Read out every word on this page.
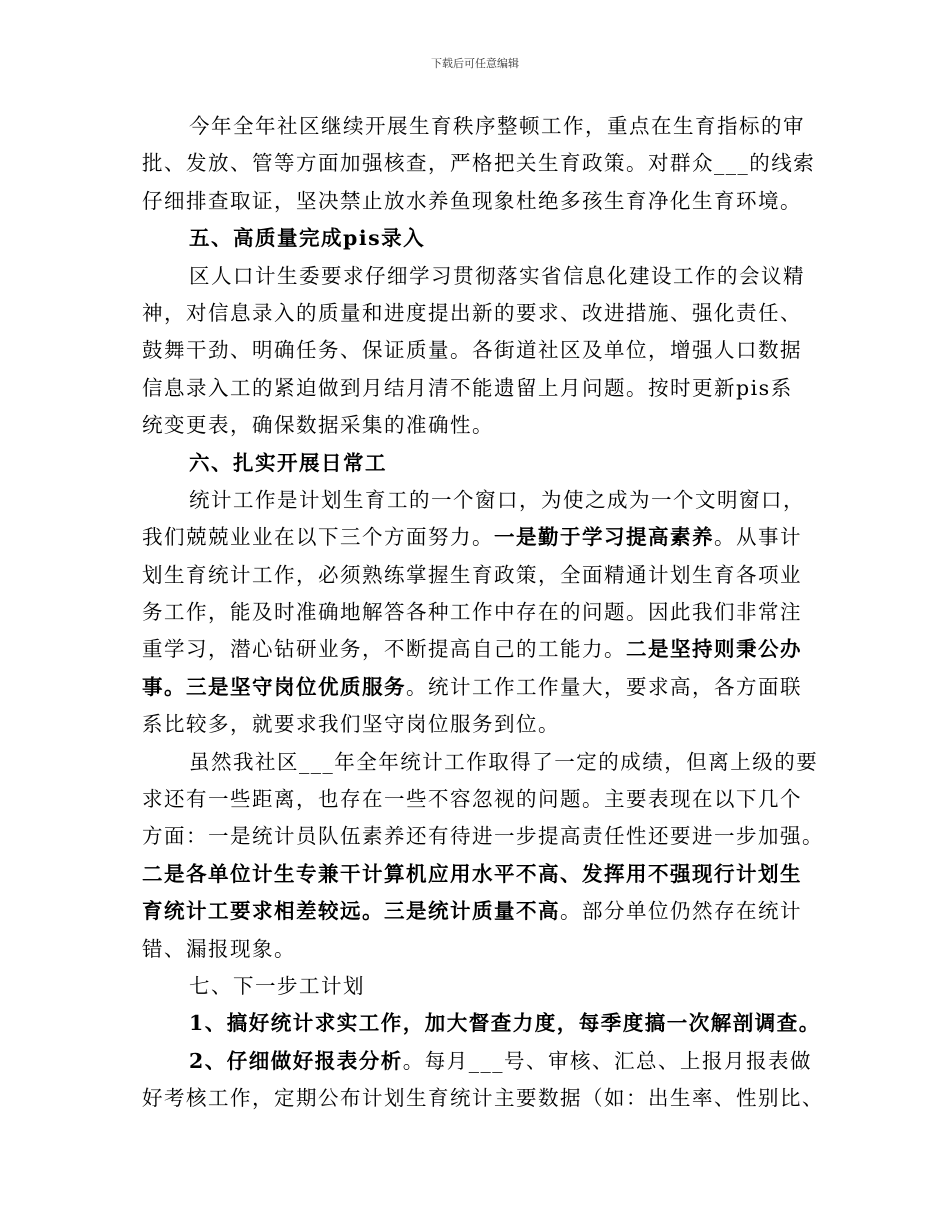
下载后可任意编辑
今年全年社区继续开展生育秩序整顿工作，重点在生育指标的审
批、发放、管等方面加强核查，严格把关生育政策。对群众___的线索
仔细排查取证，坚决禁止放水养鱼现象杜绝多孩生育净化生育环境。
五、高质量完成pis录入
区人口计生委要求仔细学习贯彻落实省信息化建设工作的会议精
神，对信息录入的质量和进度提出新的要求、改进措施、强化责任、
鼓舞干劲、明确任务、保证质量。各街道社区及单位，增强人口数据
信息录入工的紧迫做到月结月清不能遗留上月问题。按时更新pis系
统变更表，确保数据采集的准确性。
六、扎实开展日常工
统计工作是计划生育工的一个窗口，为使之成为一个文明窗口，
我们兢兢业业在以下三个方面努力。一是勤于学习提高素养。从事计
划生育统计工作，必须熟练掌握生育政策，全面精通计划生育各项业
务工作，能及时准确地解答各种工作中存在的问题。因此我们非常注
重学习，潜心钻研业务，不断提高自己的工能力。二是坚持则秉公办
事。三是坚守岗位优质服务。统计工作工作量大，要求高，各方面联
系比较多，就要求我们坚守岗位服务到位。
虽然我社区___年全年统计工作取得了一定的成绩，但离上级的要
求还有一些距离，也存在一些不容忽视的问题。主要表现在以下几个
方面：一是统计员队伍素养还有待进一步提高责任性还要进一步加强。
二是各单位计生专兼干计算机应用水平不高、发挥用不强现行计划生
育统计工要求相差较远。三是统计质量不高。部分单位仍然存在统计
错、漏报现象。
七、下一步工计划
1、搞好统计求实工作，加大督查力度，每季度搞一次解剖调查。
2、仔细做好报表分析。每月___号、审核、汇总、上报月报表做
好考核工作，定期公布计划生育统计主要数据（如：出生率、性别比、
